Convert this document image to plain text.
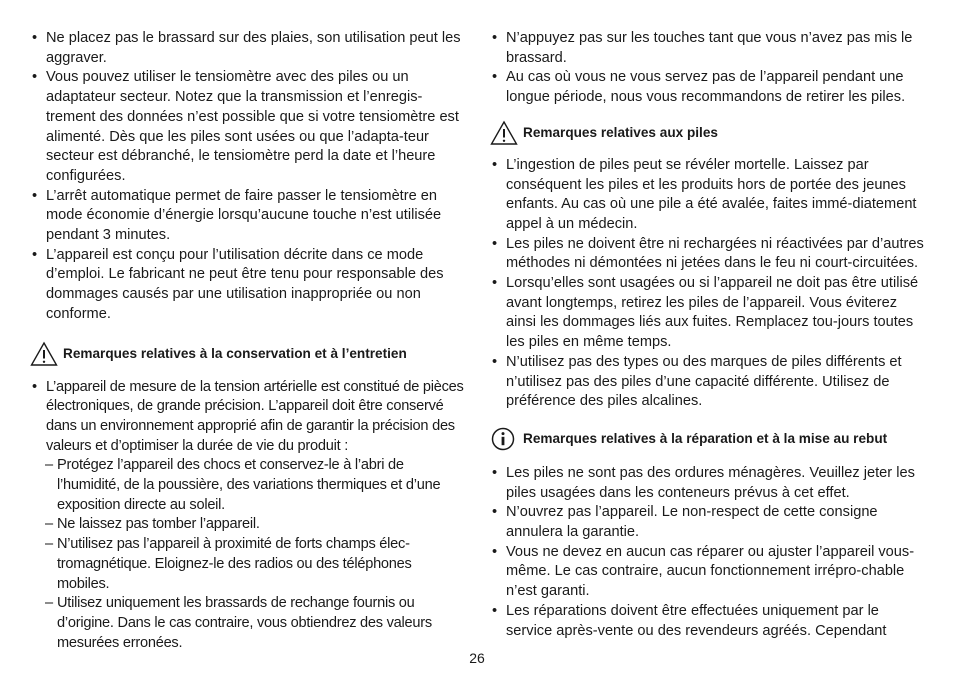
• Ne placez pas le brassard sur des plaies, son utilisation peut les aggraver.

• Vous pouvez utiliser le tensiomètre avec des piles ou un adaptateur secteur. Notez que la transmission et l’enregis-trement des données n’est possible que si votre tensiomètre est alimenté. Dès que les piles sont usées ou que l’adapta-teur secteur est débranché, le tensiomètre perd la date et l’heure configurées.

• L’arrêt automatique permet de faire passer le tensiomètre en mode économie d’énergie lorsqu’aucune touche n’est utilisée pendant 3 minutes.

• L’appareil est conçu pour l’utilisation décrite dans ce mode d’emploi. Le fabricant ne peut être tenu pour responsable des dommages causés par une utilisation inappropriée ou non conforme.

Remarques relatives à la conservation et à l’entretien

• L’appareil de mesure de la tension artérielle est constitué de pièces électroniques, de grande précision. L’appareil doit être conservé dans un environnement approprié afin de garantir la précision des valeurs et d’optimiser la durée de vie du produit :

– Protégez l’appareil des chocs et conservez-le à l’abri de l’humidité, de la poussière, des variations thermiques et d’une exposition directe au soleil.

– Ne laissez pas tomber l’appareil.

– N’utilisez pas l’appareil à proximité de forts champs élec-tromagnétique. Eloignez-le des radios ou des téléphones mobiles.

– Utilisez uniquement les brassards de rechange fournis ou d’origine. Dans le cas contraire, vous obtiendrez des valeurs mesurées erronées.

• N’appuyez pas sur les touches tant que vous n’avez pas mis le brassard.

• Au cas où vous ne vous servez pas de l’appareil pendant une longue période, nous vous recommandons de retirer les piles.

Remarques relatives aux piles

• L’ingestion de piles peut se révéler mortelle. Laissez par conséquent les piles et les produits hors de portée des jeunes enfants. Au cas où une pile a été avalée, faites immé-diatement appel à un médecin.

• Les piles ne doivent être ni rechargées ni réactivées par d’autres méthodes ni démontées ni jetées dans le feu ni court-circuitées.

• Lorsqu’elles sont usagées ou si l’appareil ne doit pas être utilisé avant longtemps, retirez les piles de l’appareil. Vous éviterez ainsi les dommages liés aux fuites. Remplacez tou-jours toutes les piles en même temps.

• N’utilisez pas des types ou des marques de piles différents et n’utilisez pas des piles d’une capacité différente. Utilisez de préférence des piles alcalines.

Remarques relatives à la réparation et à la mise au rebut

• Les piles ne sont pas des ordures ménagères. Veuillez jeter les piles usagées dans les conteneurs prévus à cet effet.

• N’ouvrez pas l’appareil. Le non-respect de cette consigne annulera la garantie.

• Vous ne devez en aucun cas réparer ou ajuster l’appareil vous-même. Le cas contraire, aucun fonctionnement irrépro-chable n’est garanti.

• Les réparations doivent être effectuées uniquement par le service après-vente ou des revendeurs agréés. Cependant

26
